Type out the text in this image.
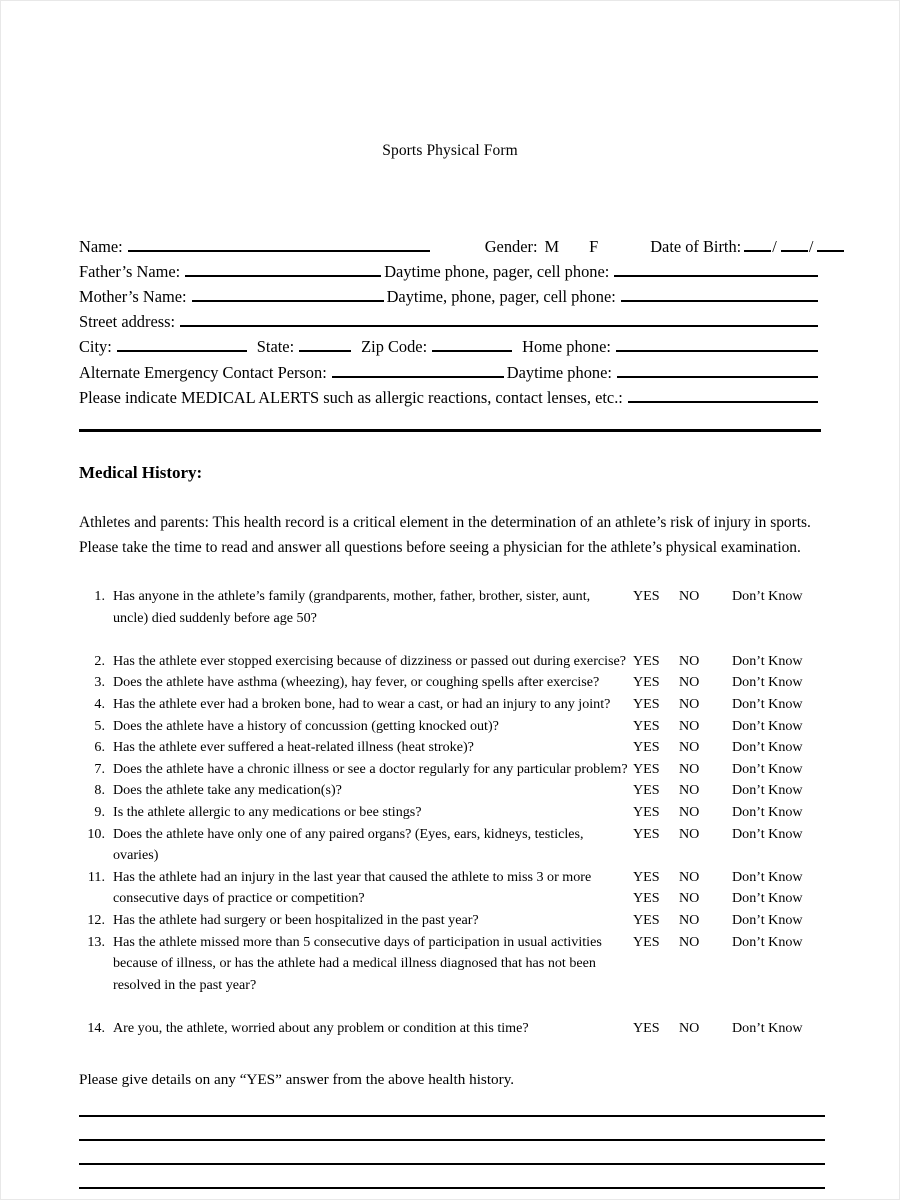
Sports Physical Form
Name:	Gender: M F	Date of Birth: / /
Father’s Name:	Daytime phone, pager, cell phone:
Mother’s Name:	Daytime, phone, pager, cell phone:
Street address:
City:	State:	Zip Code:	Home phone:
Alternate Emergency Contact Person:	Daytime phone:
Please indicate MEDICAL ALERTS such as allergic reactions, contact lenses, etc.:
Medical History:
Athletes and parents: This health record is a critical element in the determination of an athlete’s risk of injury in sports.
Please take the time to read and answer all questions before seeing a physician for the athlete’s physical examination.
1. Has anyone in the athlete’s family (grandparents, mother, father, brother, sister, aunt,	YES	NO	Don’t Know
uncle) died suddenly before age 50?
2. Has the athlete ever stopped exercising because of dizziness or passed out during exercise? YES	NO	Don’t Know
3. Does the athlete have asthma (wheezing), hay fever, or coughing spells after exercise?	YES	NO	Don’t Know
4. Has the athlete ever had a broken bone, had to wear a cast, or had an injury to any joint?	YES	NO	Don’t Know
5. Does the athlete have a history of concussion (getting knocked out)?	YES	NO	Don’t Know
6. Has the athlete ever suffered a heat-related illness (heat stroke)?	YES	NO	Don’t Know
7. Does the athlete have a chronic illness or see a doctor regularly for any particular problem? YES	NO	Don’t Know
8. Does the athlete take any medication(s)?	YES	NO	Don’t Know
9. Is the athlete allergic to any medications or bee stings?	YES	NO	Don’t Know
10. Does the athlete have only one of any paired organs? (Eyes, ears, kidneys, testicles, ovaries)
YES	NO	Don’t Know
11. Has the athlete had an injury in the last year that caused the athlete to miss 3 or more	YES	NO	Don’t Know
consecutive days of practice or competition?	YES	NO	Don’t Know
12. Has the athlete had surgery or been hospitalized in the past year?	YES	NO	Don’t Know
13. Has the athlete missed more than 5 consecutive days of participation in usual activities	YES	NO	Don’t Know
because of illness, or has the athlete had a medical illness diagnosed that has not been
resolved in the past year?
14. Are you, the athlete, worried about any problem or condition at this time?	YES	NO	Don’t Know
Please give details on any “YES” answer from the above health history.
